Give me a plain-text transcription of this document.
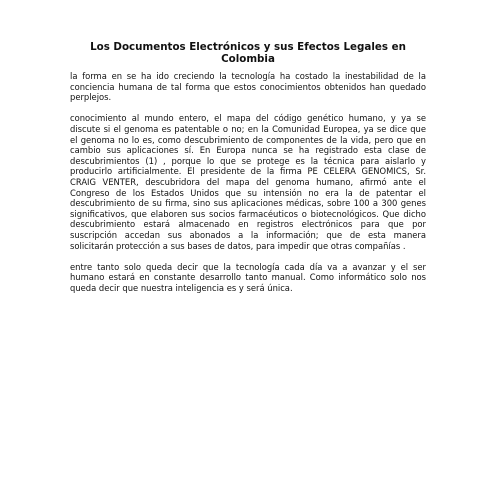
Los Documentos Electrónicos y sus Efectos Legales en
Colombia

la forma en se ha ido creciendo la tecnología ha costado la inestabilidad de la
conciencia humana de tal forma que estos conocimientos obtenidos han quedado
perplejos.

conocimiento al mundo entero, el mapa del código genético humano, y ya se
discute si el genoma es patentable o no; en la Comunidad Europea, ya se dice que
el genoma no lo es, como descubrimiento de componentes de la vida, pero que en
cambio sus aplicaciones sí. En Europa nunca se ha registrado esta clase de
descubrimientos (1) , porque lo que se protege es la técnica para aislarlo y
producirlo artificialmente. El presidente de la firma PE CELERA GENOMICS, Sr.
CRAIG VENTER, descubridora del mapa del genoma humano, afirmó ante el
Congreso de los Estados Unidos que su intensión no era la de patentar el
descubrimiento de su firma, sino sus aplicaciones médicas, sobre 100 a 300 genes
significativos, que elaboren sus socios farmacéuticos o biotecnológicos. Que dicho
descubrimiento estará almacenado en registros electrónicos para que por
suscripción accedan sus abonados a la información; que de esta manera
solicitarán protección a sus bases de datos, para impedir que otras compañías .

entre tanto solo queda decir que la tecnología cada día va a avanzar y el ser
humano estará en constante desarrollo tanto manual. Como informático solo nos
queda decir que nuestra inteligencia es y será única.
